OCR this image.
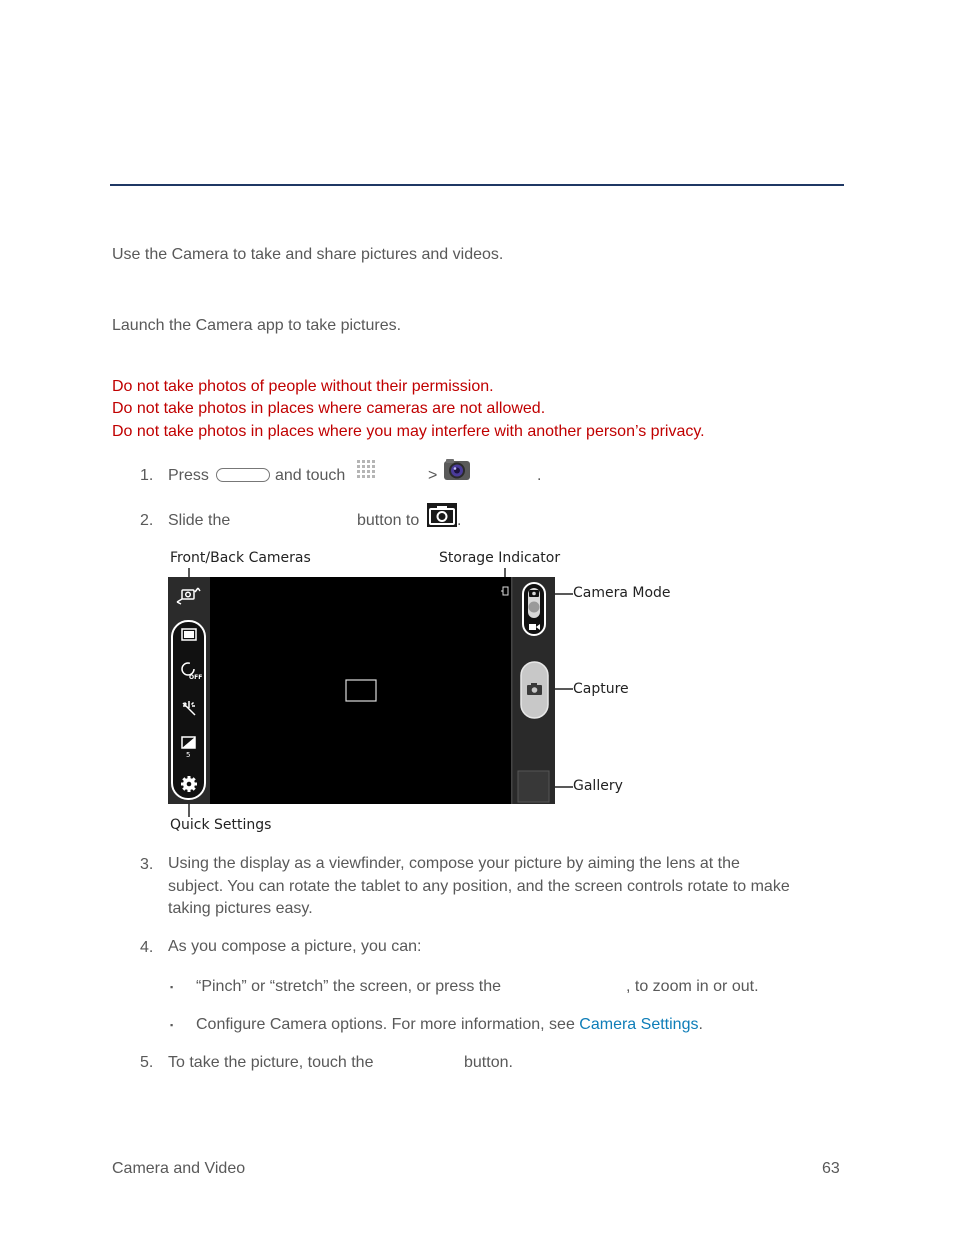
Use the Camera to take and share pictures and videos.
Launch the Camera app to take pictures.
Do not take photos of people without their permission.
Do not take photos in places where cameras are not allowed.
Do not take photos in places where you may interfere with another person’s privacy.
1. Press	and touch	>	.
2. Slide the	button to .
Front/Back Cameras	Storage Indicator
Camera Mode
Capture
Gallery
Quick Settings
OFF
5
3. Using the display as a viewfinder, compose your picture by aiming the lens at the
subject. You can rotate the tablet to any position, and the screen controls rotate to make
taking pictures easy.
4. As you compose a picture, you can:
▪ “Pinch” or “stretch” the screen, or press the	, to zoom in or out.
▪ Configure Camera options. For more information, see Camera Settings.
5. To take the picture, touch the	button.
Camera and Video	63
